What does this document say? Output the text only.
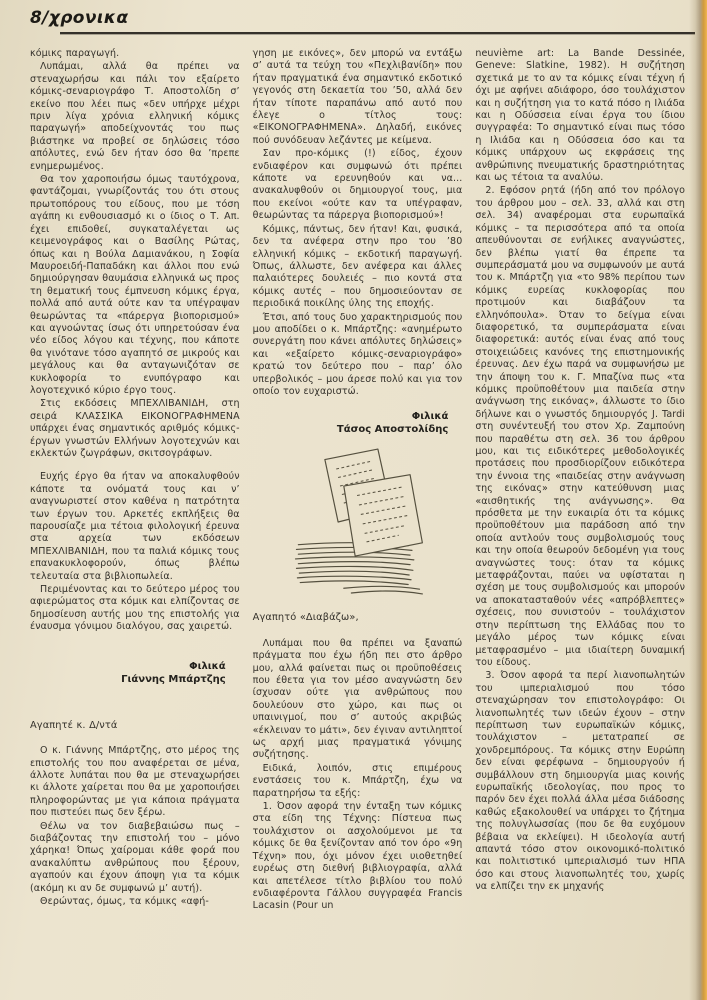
8/χρονικα

κόμικς παραγωγή.

Λυπάμαι, αλλά θα πρέπει να στεναχωρήσω και πάλι τον εξαίρετο κόμικς-σεναριογράφο Τ. Αποστολίδη σ’ εκείνο που λέει πως «δεν υπήρχε μέχρι πριν λίγα χρόνια ελληνική κόμικς παραγωγή» αποδείχνοντάς του πως βιάστηκε να προβεί σε δηλώσεις τόσο απόλυτες, ενώ δεν ήταν όσο θα ’πρεπε ενημερωμένος.

Θα τον χαροποιήσω όμως ταυτόχρονα, φαντάζομαι, γνωρίζοντάς του ότι στους πρωτοπόρους του είδους, που με τόση αγάπη κι ενθουσιασμό κι ο ίδιος ο Τ. Απ. έχει επιδοθεί, συγκαταλέγεται ως κειμενογράφος και ο Βασίλης Ρώτας, όπως και η Βούλα Δαμιανάκου, η Σοφία Μαυροειδή-Παπαδάκη και άλλοι που ενώ δημιούργησαν θαυμάσια ελληνικά ως προς τη θεματική τους έμπνευση κόμικς έργα, πολλά από αυτά ούτε καν τα υπέγραψαν θεωρώντας τα «πάρεργα βιοπορισμού» και αγνοώντας ίσως ότι υπηρετούσαν ένα νέο είδος λόγου και τέχνης, που κάποτε θα γινότανε τόσο αγαπητό σε μικρούς και μεγάλους και θα ανταγωνιζόταν σε κυκλοφορία το ενυπόγραφο και λογοτεχνικό κύριο έργο τους.

Στις εκδόσεις ΜΠΕΧΛΙΒΑΝΙΔΗ, στη σειρά ΚΛΑΣΣΙΚΑ ΕΙΚΟΝΟΓΡΑΦΗΜΕΝΑ υπάρχει ένας σημαντικός αριθμός κόμικς-έργων γνωστών Ελλήνων λογοτεχνών και εκλεκτών ζωγράφων, σκιτσογράφων.

Ευχής έργο θα ήταν να αποκαλυφθούν κάποτε τα ονόματά τους και ν’ αναγνωριστεί στον καθένα η πατρότητα των έργων του. Αρκετές εκπλήξεις θα παρουσίαζε μια τέτοια φιλολογική έρευνα στα αρχεία των εκδόσεων ΜΠΕΧΛΙΒΑΝΙΔΗ, που τα παλιά κόμικς τους επανακυκλοφορούν, όπως βλέπω τελευταία στα βιβλιοπωλεία.

Περιμένοντας και το δεύτερο μέρος του αφιερώματος στα κόμικ και ελπίζοντας σε δημοσίευση αυτής μου της επιστολής για έναυσμα γόνιμου διαλόγου, σας χαιρετώ.

Φιλικά
Γιάννης Μπάρτζης

Αγαπητέ κ. Δ/ντά

Ο κ. Γιάννης Μπάρτζης, στο μέρος της επιστολής του που αναφέρεται σε μένα, άλλοτε λυπάται που θα με στεναχωρήσει κι άλλοτε χαίρεται που θα με χαροποιήσει πληροφορώντας με για κάποια πράγματα που πιστεύει πως δεν ξέρω.

Θέλω να τον διαβεβαιώσω πως – διαβάζοντας την επιστολή του – μόνο χάρηκα! Όπως χαίρομαι κάθε φορά που ανακαλύπτω ανθρώπους που ξέρουν, αγαπούν και έχουν άποψη για τα κόμικ (ακόμη κι αν δε συμφωνώ μ’ αυτή).

Θερώντας, όμως, τα κόμικς «αφή-

γηση με εικόνες», δεν μπορώ να εντάξω σ’ αυτά τα τεύχη του «Πεχλιβανίδη» που ήταν πραγματικά ένα σημαντικό εκδοτικό γεγονός στη δεκαετία του ’50, αλλά δεν ήταν τίποτε παραπάνω από αυτό που έλεγε ο τίτλος τους: «ΕΙΚΟΝΟΓΡΑΦΗΜΕΝΑ». Δηλαδή, εικόνες πού συνόδευαν λεζάντες με κείμενα.

Σαν προ-κόμικς (!) είδος, έχουν ενδιαφέρον και συμφωνώ ότι πρέπει κάποτε να ερευνηθούν και να... ανακαλυφθούν οι δημιουργοί τους, μια που εκείνοι «ούτε καν τα υπέγραφαν, θεωρώντας τα πάρεργα βιοπορισμού»!

Κόμικς, πάντως, δεν ήταν! Και, φυσικά, δεν τα ανέφερα στην προ του ’80 ελληνική κόμικς – εκδοτική παραγωγή. Όπως, άλλωστε, δεν ανέφερα και άλλες παλαιότερες δουλειές – πιο κοντά στα κόμικς αυτές – που δημοσιεύονταν σε περιοδικά ποικίλης ύλης της εποχής.

Έτσι, από τους δυο χαρακτηρισμούς που μου αποδίδει ο κ. Μπάρτζης: «ανημέρωτο συνεργάτη που κάνει απόλυτες δηλώσεις» και «εξαίρετο κόμικς-σεναριογράφο» κρατώ τον δεύτερο που – παρ’ όλο υπερβολικός – μου άρεσε πολύ και για τον οποίο τον ευχαριστώ.

Φιλικά
Τάσος Αποστολίδης

Αγαπητό «Διαβάζω»,

Λυπάμαι που θα πρέπει να ξαναπώ πράγματα που έχω ήδη πει στο άρθρο μου, αλλά φαίνεται πως οι προϋποθέσεις που έθετα για τον μέσο αναγνώστη δεν ίσχυσαν ούτε για ανθρώπους που δουλεύουν στο χώρο, και πως οι υπαινιγμοί, που σ’ αυτούς ακριβώς «έκλειναν το μάτι», δεν έγιναν αντιληπτοί ως αρχή μιας πραγματικά γόνιμης συζήτησης.

Ειδικά, λοιπόν, στις επιμέρους ενστάσεις του κ. Μπάρτζη, έχω να παρατηρήσω τα εξής:

1. Όσον αφορά την ένταξη των κόμικς στα είδη της Τέχνης: Πίστευα πως τουλάχιστον οι ασχολούμενοι με τα κόμικς δε θα ξενίζονταν από τον όρο «9η Τέχνη» που, όχι μόνον έχει υιοθετηθεί ευρέως στη διεθνή βιβλιογραφία, αλλά και απετέλεσε τίτλο βιβλίου του πολύ ενδιαφέροντα Γάλλου συγγραφέα Francis Lacasin (Pour un

neuvième art: La Bande Dessinée, Geneve: Slatkine, 1982). Η συζήτηση σχετικά με το αν τα κόμικς είναι τέχνη ή όχι με αφήνει αδιάφορο, όσο τουλάχιστον και η συζήτηση για το κατά πόσο η Ιλιάδα και η Οδύσσεια είναι έργα του ίδιου συγγραφέα: Το σημαντικό είναι πως τόσο η Ιλιάδα και η Οδύσσεια όσο και τα κόμικς υπάρχουν ως εκφράσεις της ανθρώπινης πνευματικής δραστηριότητας και ως τέτοια τα αναλύω.

2. Εφόσον ρητά (ήδη από τον πρόλογο του άρθρου μου – σελ. 33, αλλά και στη σελ. 34) αναφέρομαι στα ευρωπαϊκά κόμικς – τα περισσότερα από τα οποία απευθύνονται σε ενήλικες αναγνώστες, δεν βλέπω γιατί θα έπρεπε τα συμπεράσματά μου να συμφωνούν με αυτά του κ. Μπάρτζη για «το 98% περίπου των κόμικς ευρείας κυκλοφορίας που προτιμούν και διαβάζουν τα ελληνόπουλα». Όταν το δείγμα είναι διαφορετικό, τα συμπεράσματα είναι διαφορετικά: αυτός είναι ένας από τους στοιχειώδεις κανόνες της επιστημονικής έρευνας. Δεν έχω παρά να συμφωνήσω με την άποψη του κ. Γ. Μπαζίνα πως «τα κόμικς προϋποθέτουν μια παιδεία στην ανάγνωση της εικόνας», άλλωστε το ίδιο δήλωνε και ο γνωστός δημιουργός J. Tardi στη συνέντευξή του στον Χρ. Ζαμπούνη που παραθέτω στη σελ. 36 του άρθρου μου, και τις ειδικότερες μεθοδολογικές προτάσεις που προσδιορίζουν ειδικότερα την έννοια της «παιδείας στην ανάγνωση της εικόνας» στην κατεύθυνση μιας «αισθητικής της ανάγνωσης». Θα πρόσθετα με την ευκαιρία ότι τα κόμικς προϋποθέτουν μια παράδοση από την οποία αντλούν τους συμβολισμούς τους και την οποία θεωρούν δεδομένη για τους αναγνώστες τους: όταν τα κόμικς μεταφράζονται, παύει να υφίσταται η σχέση με τους συμβολισμούς και μπορούν να αποκατασταθούν νέες «απρόβλεπτες» σχέσεις, που συνιστούν – τουλάχιστον στην περίπτωση της Ελλάδας που το μεγάλο μέρος των κόμικς είναι μεταφρασμένο – μια ιδιαίτερη δυναμική του είδους.

3. Όσον αφορά τα περί λιανοπωλητών του ιμπεριαλισμού που τόσο στεναχώρησαν τον επιστολογράφο: Οι λιανοπωλητές των ιδεών έχουν – στην περίπτωση των ευρωπαϊκών κόμικς, τουλάχιστον – μετατραπεί σε χονδρεμπόρους. Τα κόμικς στην Ευρώπη δεν είναι φερέφωνα – δημιουργούν ή συμβάλλουν στη δημιουργία μιας κοινής ευρωπαϊκής ιδεολογίας, που προς το παρόν δεν έχει πολλά άλλα μέσα διάδοσης καθώς εξακολουθεί να υπάρχει το ζήτημα της πολυγλωσσίας (που δε θα ευχόμουν βέβαια να εκλείψει). Η ιδεολογία αυτή απαντά τόσο στον οικονομικό-πολιτικό και πολιτιστικό ιμπεριαλισμό των ΗΠΑ όσο και στους λιανοπωλητές του, χωρίς να ελπίζει την εκ μηχανής
